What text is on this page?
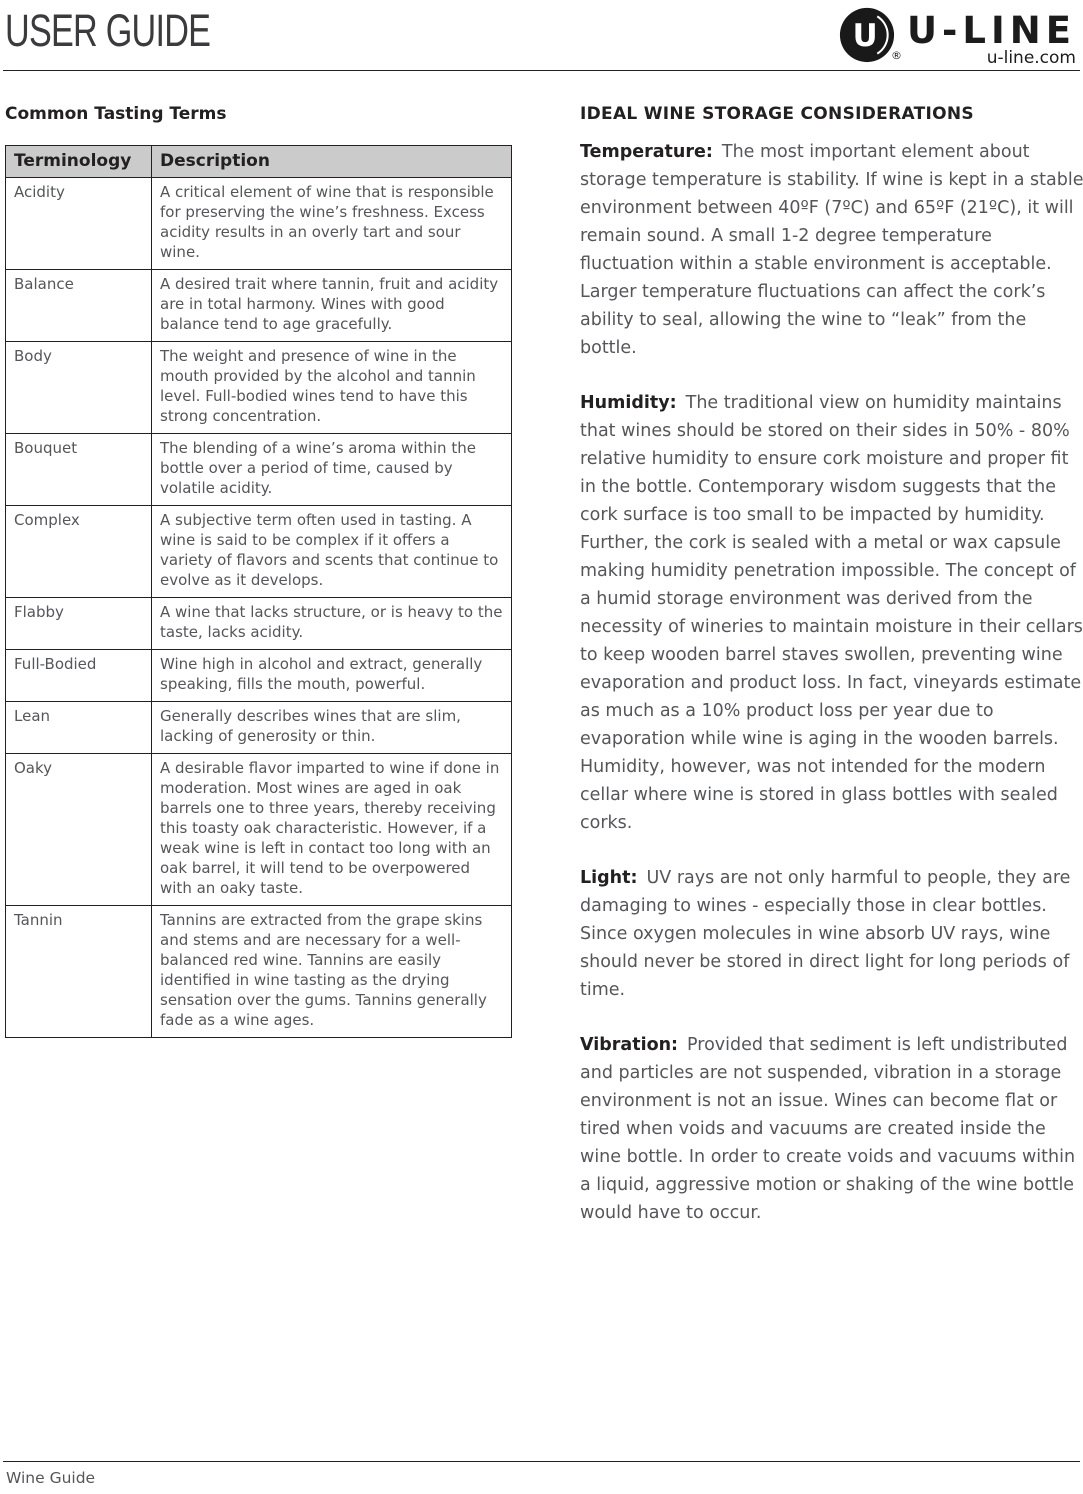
USER GUIDE	U
®
U-LINE
u-line.com
Common Tasting Terms
Terminology	Description
Acidity	A critical element of wine that is responsible for preserving the wine’s freshness. Excess acidity results in an overly tart and sour wine.
Balance	A desired trait where tannin, fruit and acidity are in total harmony. Wines with good balance tend to age gracefully.
Body	The weight and presence of wine in the mouth provided by the alcohol and tannin level. Full-bodied wines tend to have this strong concentration.
Bouquet	The blending of a wine’s aroma within the bottle over a period of time, caused by volatile acidity.
Complex	A subjective term often used in tasting. A wine is said to be complex if it offers a variety of flavors and scents that continue to evolve as it develops.
Flabby	A wine that lacks structure, or is heavy to the taste, lacks acidity.
Full-Bodied	Wine high in alcohol and extract, generally speaking, fills the mouth, powerful.
Lean	Generally describes wines that are slim, lacking of generosity or thin.
Oaky	A desirable flavor imparted to wine if done in moderation. Most wines are aged in oak barrels one to three years, thereby receiving this toasty oak characteristic. However, if a weak wine is left in contact too long with an oak barrel, it will tend to be overpowered with an oaky taste.
Tannin	Tannins are extracted from the grape skins and stems and are necessary for a well-balanced red wine. Tannins are easily identified in wine tasting as the drying sensation over the gums. Tannins generally fade as a wine ages.
IDEAL WINE STORAGE CONSIDERATIONS

Temperature: The most important element about storage temperature is stability. If wine is kept in a stable environment between 40ºF (7ºC) and 65ºF (21ºC), it will remain sound. A small 1-2 degree temperature fluctuation within a stable environment is acceptable. Larger temperature fluctuations can affect the cork’s ability to seal, allowing the wine to “leak” from the bottle.

Humidity: The traditional view on humidity maintains that wines should be stored on their sides in 50% - 80% relative humidity to ensure cork moisture and proper fit in the bottle. Contemporary wisdom suggests that the cork surface is too small to be impacted by humidity. Further, the cork is sealed with a metal or wax capsule making humidity penetration impossible. The concept of a humid storage environment was derived from the necessity of wineries to maintain moisture in their cellars to keep wooden barrel staves swollen, preventing wine evaporation and product loss. In fact, vineyards estimate as much as a 10% product loss per year due to evaporation while wine is aging in the wooden barrels. Humidity, however, was not intended for the modern cellar where wine is stored in glass bottles with sealed corks.

Light: UV rays are not only harmful to people, they are damaging to wines - especially those in clear bottles. Since oxygen molecules in wine absorb UV rays, wine should never be stored in direct light for long periods of time.

Vibration: Provided that sediment is left undistributed and particles are not suspended, vibration in a storage environment is not an issue. Wines can become flat or tired when voids and vacuums are created inside the wine bottle. In order to create voids and vacuums within a liquid, aggressive motion or shaking of the wine bottle would have to occur.

Wine Guide
